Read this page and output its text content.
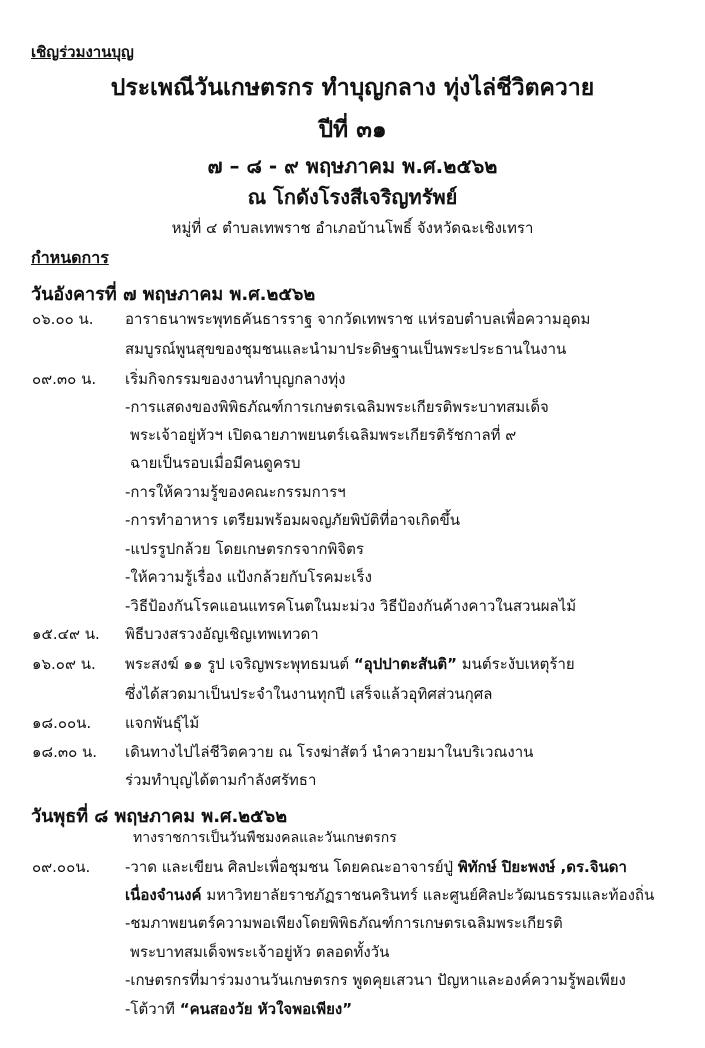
เชิญร่วมงานบุญ
ประเพณีวันเกษตรกร ทำบุญกลาง ทุ่งไล่ชีวิตควาย
ปีที่ ๓๑
๗ – ๘ - ๙ พฤษภาคม พ.ศ.๒๕๖๒
ณ โกดังโรงสีเจริญทรัพย์
หมู่ที่ ๔ ตำบลเทพราช อำเภอบ้านโพธิ์ จังหวัดฉะเชิงเทรา
กำหนดการ
วันอังคารที่ ๗ พฤษภาคม พ.ศ.๒๕๖๒
๐๖.๐๐ น. อาราธนาพระพุทธคันธารราฐ จากวัดเทพราช แห่รอบตำบลเพื่อความอุดม
สมบูรณ์พูนสุขของชุมชนและนำมาประดิษฐานเป็นพระประธานในงาน
๐๙.๓๐ น. เริ่มกิจกรรมของงานทำบุญกลางทุ่ง
-การแสดงของพิพิธภัณฑ์การเกษตรเฉลิมพระเกียรติพระบาทสมเด็จ
พระเจ้าอยู่หัวฯ เปิดฉายภาพยนตร์เฉลิมพระเกียรติรัชกาลที่ ๙
ฉายเป็นรอบเมื่อมีคนดูครบ
-การให้ความรู้ของคณะกรรมการฯ
-การทำอาหาร เตรียมพร้อมผจญภัยพิบัติที่อาจเกิดขึ้น
-แปรรูปกล้วย โดยเกษตรกรจากพิจิตร
-ให้ความรู้เรื่อง แป้งกล้วยกับโรคมะเร็ง
-วิธีป้องกันโรคแอนแทรคโนตในมะม่วง วิธีป้องกันค้างคาวในสวนผลไม้
๑๕.๔๙ น. พิธีบวงสรวงอัญเชิญเทพเทวดา
๑๖.๐๙ น. พระสงฆ์ ๑๑ รูป เจริญพระพุทธมนต์ “อุปปาตะสันติ” มนต์ระงับเหตุร้าย
ซึ่งได้สวดมาเป็นประจำในงานทุกปี เสร็จแล้วอุทิศส่วนกุศล
๑๘.๐๐น. แจกพันธุ์ไม้
๑๘.๓๐ น. เดินทางไปไล่ชีวิตควาย ณ โรงฆ่าสัตว์ นำควายมาในบริเวณงาน
ร่วมทำบุญได้ตามกำลังศรัทธา
วันพุธที่ ๘ พฤษภาคม พ.ศ.๒๕๖๒
ทางราชการเป็นวันพืชมงคลและวันเกษตรกร
๐๙.๐๐น. -วาด และเขียน ศิลปะเพื่อชุมชน โดยคณะอาจารย์ปู่ พิทักษ์ ปิยะพงษ์ ,ดร.จินดา
เนื่องจำนงค์ มหาวิทยาลัยราชภัฏราชนครินทร์ และศูนย์ศิลปะวัฒนธรรมและท้องถิ่น
-ชมภาพยนตร์ความพอเพียงโดยพิพิธภัณฑ์การเกษตรเฉลิมพระเกียรติ
พระบาทสมเด็จพระเจ้าอยู่หัว ตลอดทั้งวัน
-เกษตรกรที่มาร่วมงานวันเกษตรกร พูดคุยเสวนา ปัญหาและองค์ความรู้พอเพียง
-โต้วาที “คนสองวัย หัวใจพอเพียง”
